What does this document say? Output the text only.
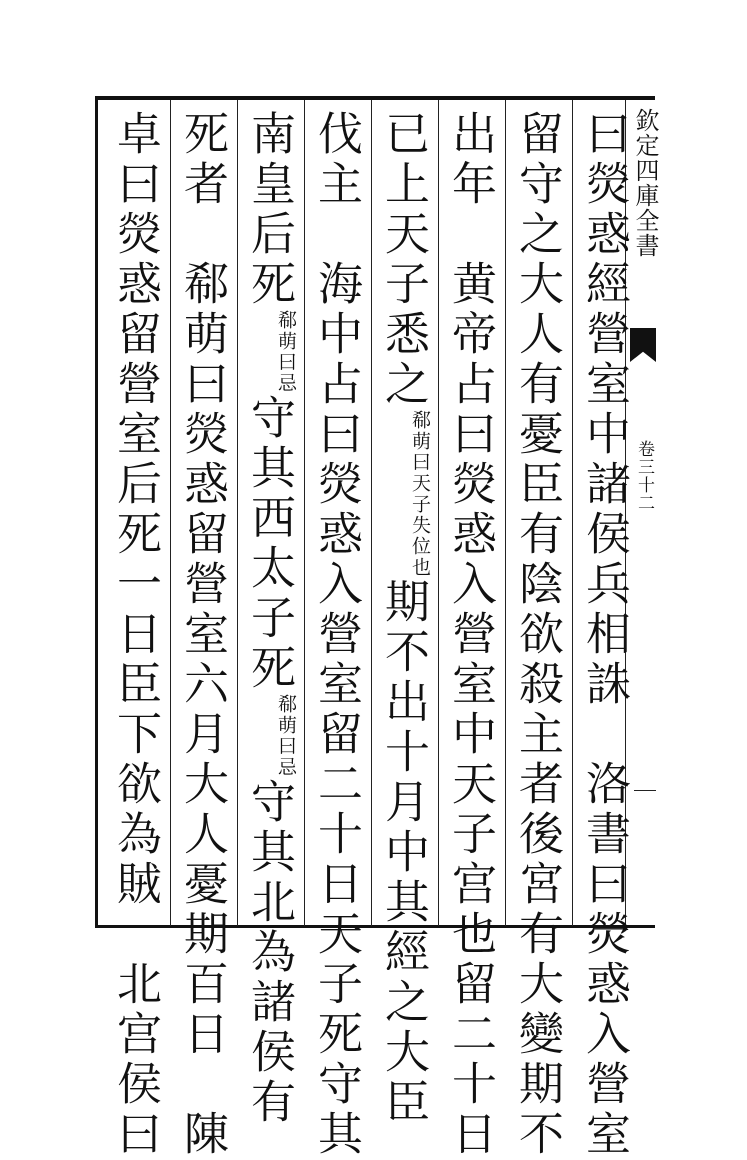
欽定四庫全書
卷三十二
曰熒惑經營室中諸侯兵相誅　洛書曰熒惑入營室
留守之大人有憂臣有陰欲殺主者後宮有大變期不
出年　黄帝占曰熒惑入營室中天子宫也留二十日
已上天子悉之郗萌曰天子失位也期不出十月中其經之大臣
伐主　海中占曰熒惑入營室留二十日天子死守其
南皇后死郗萌曰忌守其西太子死郗萌曰忌守其北為諸侯有
死者　郗萌曰熒惑留營室六月大人憂期百日　陳
卓曰熒惑留營室后死一日臣下欲為賊　北宫侯曰
